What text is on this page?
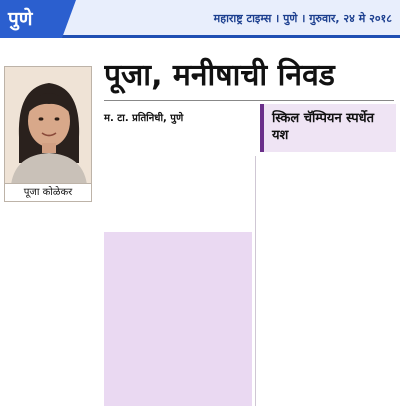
पुणे	महाराष्ट्र टाइम्स । पुणे । गुरुवार, २४ मे २०१८
पूजा कोळेकर
पूजा, मनीषाची निवड
म. टा. प्रतिनिधी, पुणे	स्किल चॅम्पियन स्पर्धेत यश
